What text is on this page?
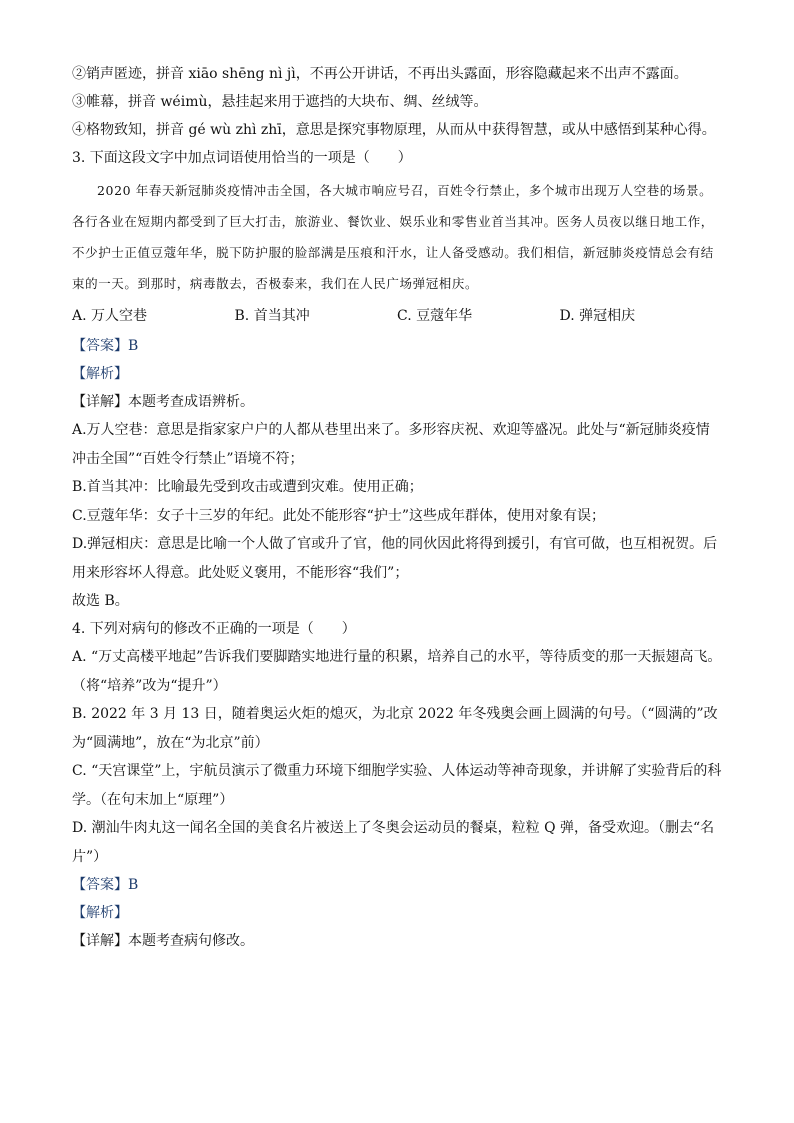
②销声匿迹，拼音 xiāo shēng nì jì，不再公开讲话，不再出头露面，形容隐藏起来不出声不露面。
③帷幕，拼音 wéimù，悬挂起来用于遮挡的大块布、绸、丝绒等。
④格物致知，拼音 gé wù zhì zhī，意思是探究事物原理，从而从中获得智慧，或从中感悟到某种心得。
3. 下面这段文字中加点词语使用恰当的一项是（　　）
2020 年春天新冠肺炎疫情冲击全国，各大城市响应号召，百姓令行禁止，多个城市出现万人空巷的场景。各行各业在短期内都受到了巨大打击，旅游业、餐饮业、娱乐业和零售业首当其冲。医务人员夜以继日地工作，不少护士正值豆蔻年华，脱下防护服的脸部满是压痕和汗水，让人备受感动。我们相信，新冠肺炎疫情总会有结束的一天。到那时，病毒散去，否极泰来，我们在人民广场弹冠相庆。
A. 万人空巷	B. 首当其冲	C. 豆蔻年华	D. 弹冠相庆
【答案】B
【解析】
【详解】本题考查成语辨析。
A.万人空巷：意思是指家家户户的人都从巷里出来了。多形容庆祝、欢迎等盛况。此处与“新冠肺炎疫情冲击全国”“百姓令行禁止”语境不符；
B.首当其冲：比喻最先受到攻击或遭到灾难。使用正确；
C.豆蔻年华：女子十三岁的年纪。此处不能形容“护士”这些成年群体，使用对象有误；
D.弹冠相庆：意思是比喻一个人做了官或升了官，他的同伙因此将得到援引，有官可做，也互相祝贺。后用来形容坏人得意。此处贬义褒用，不能形容“我们”；
故选 B。
4. 下列对病句的修改不正确的一项是（　　）
A. “万丈高楼平地起”告诉我们要脚踏实地进行量的积累，培养自己的水平，等待质变的那一天振翅高飞。（将“培养”改为“提升”）
B. 2022 年 3 月 13 日，随着奥运火炬的熄灭，为北京 2022 年冬残奥会画上圆满的句号。（“圆满的”改为“圆满地”，放在“为北京”前）
C. “天宫课堂”上，宇航员演示了微重力环境下细胞学实验、人体运动等神奇现象，并讲解了实验背后的科学。（在句末加上“原理”）
D. 潮汕牛肉丸这一闻名全国的美食名片被送上了冬奥会运动员的餐桌，粒粒 Q 弹，备受欢迎。（删去“名片”）
【答案】B
【解析】
【详解】本题考查病句修改。
